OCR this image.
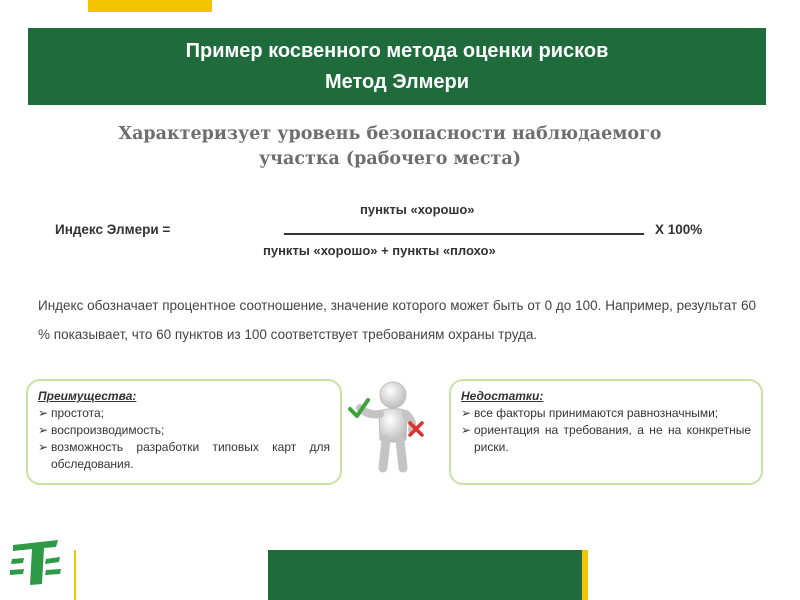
Пример косвенного метода оценки рисков
Метод Элмери
Характеризует уровень безопасности наблюдаемого
участка (рабочего места)
Индекс Элмери =
пункты «хорошо»
пункты «хорошо» + пункты «плохо»
X 100%
Индекс обозначает процентное соотношение, значение которого может быть от 0 до 100. Например, результат 60 % показывает, что 60 пунктов из 100 соответствует требованиям охраны труда.
Преимущества:
➢ простота;
➢ воспроизводимость;
➢ возможность разработки типовых карт для обследования.
Недостатки:
➢ все факторы принимаются равнозначными;
➢ ориентация на требования, а не на конкретные риски.
